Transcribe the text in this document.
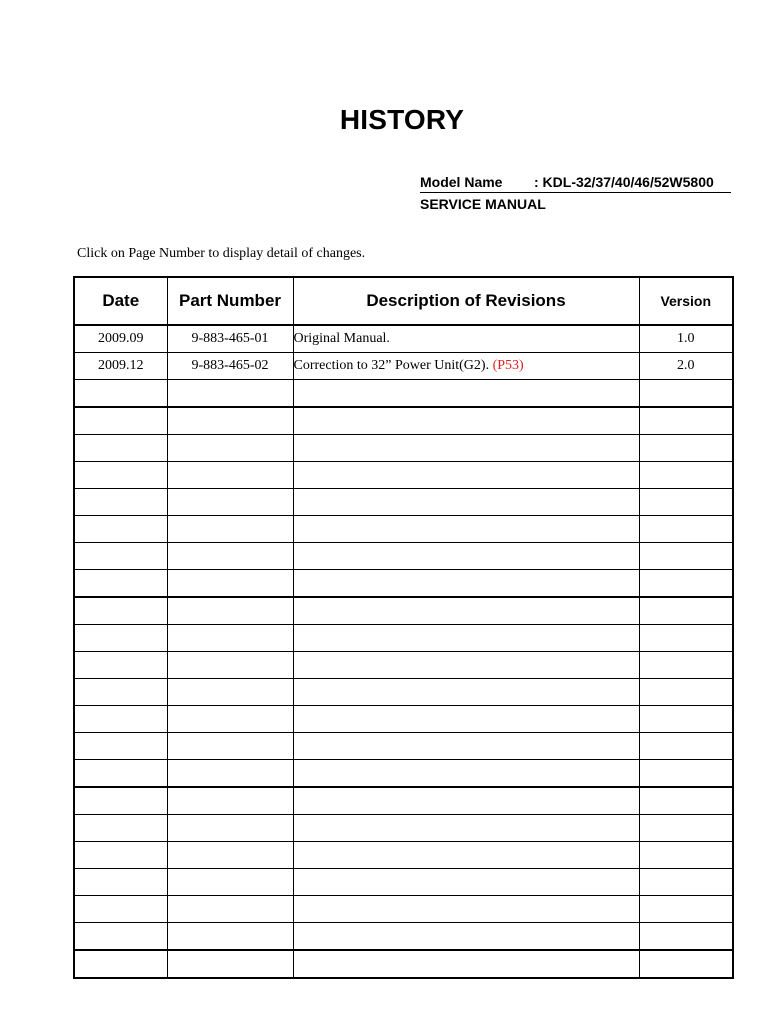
HISTORY
Model Name	: KDL-32/37/40/46/52W5800
SERVICE MANUAL
Click on Page Number to display detail of changes.
Date	Part Number	Description of Revisions	Version
2009.09	9-883-465-01	Original Manual.	1.0
2009.12	9-883-465-02	Correction to 32” Power Unit(G2). (P53)	2.0
